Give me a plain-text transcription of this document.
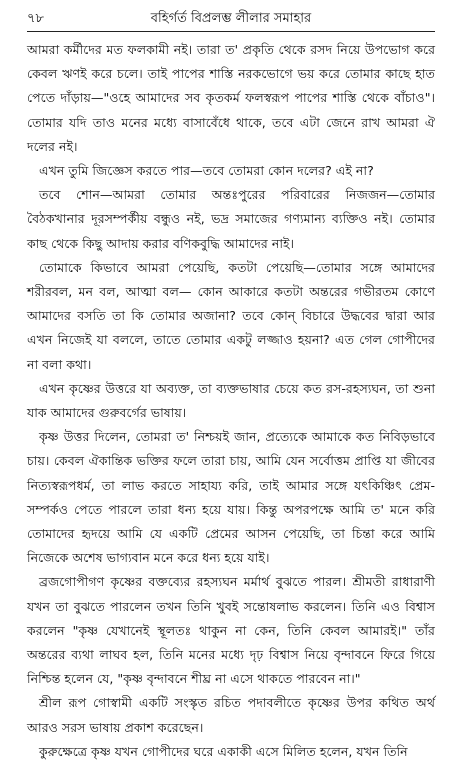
৭৮	বহির্গর্ত বিপ্রলম্ভ লীলার সমাহার

আমরা কর্মীদের মত ফলকামী নই। তারা ত' প্রকৃতি থেকে রসদ নিয়ে উপভোগ করে কেবল ঋণই করে চলে। তাই পাপের শাস্তি নরকভোগে ভয় করে তোমার কাছে হাত পেতে দাঁড়ায়—"ওহে আমাদের সব কৃতকর্ম ফলস্বরূপ পাপের শাস্তি থেকে বাঁচাও"। তোমার যদি তাও মনের মধ্যে বাসাবেঁধে থাকে, তবে এটা জেনে রাখ আমরা ঐ দলের নই।

এখন তুমি জিজ্ঞেস করতে পার—তবে তোমরা কোন দলের? এই না?

তবে শোন—আমরা তোমার অন্তঃপুরের পরিবারের নিজজন—তোমার বৈঠকখানার দূরসম্পর্কীয় বন্ধুও নই, ভদ্র সমাজের গণ্যমান্য ব্যক্তিও নই। তোমার কাছ থেকে কিছু আদায় করার বণিকবুদ্ধি আমাদের নাই।

তোমাকে কিভাবে আমরা পেয়েছি, কতটা পেয়েছি—তোমার সঙ্গে আমাদের শরীরবল, মন বল, আত্মা বল— কোন আকারে কতটা অন্তরের গভীরতম কোণে আমাদের বসতি তা কি তোমার অজানা? তবে কোন্ বিচারে উদ্ধবের দ্বারা আর এখন নিজেই যা বললে, তাতে তোমার একটু লজ্জাও হয়না? এত গেল গোপীদের না বলা কথা।

এখন কৃষ্ণের উত্তরে যা অব্যক্ত, তা ব্যক্তভাষার চেয়ে কত রস-রহস্যঘন, তা শুনা যাক আমাদের গুরুবর্গের ভাষায়।

কৃষ্ণ উত্তর দিলেন, তোমরা ত' নিশ্চয়ই জান, প্রত্যেকে আমাকে কত নিবিড়ভাবে চায়। কেবল ঐকান্তিক ভক্তির ফলে তারা চায়, আমি যেন সর্বোত্তম প্রাপ্তি যা জীবের নিত্যস্বরূপধর্ম, তা লাভ করতে সাহায্য করি, তাই আমার সঙ্গে যৎকিঞ্চিৎ প্রেম-সম্পর্কও পেতে পারলে তারা ধন্য হয়ে যায়। কিন্তু অপরপক্ষে আমি ত' মনে করি তোমাদের হৃদয়ে আমি যে একটি প্রেমের আসন পেয়েছি, তা চিন্তা করে আমি নিজেকে অশেষ ভাগ্যবান মনে করে ধন্য হয়ে যাই।

ব্রজগোপীগণ কৃষ্ণের বক্তব্যের রহস্যঘন মর্মার্থ বুঝতে পারল। শ্রীমতী রাধারাণী যখন তা বুঝতে পারলেন তখন তিনি খুবই সন্তোষলাভ করলেন। তিনি এও বিশ্বাস করলেন "কৃষ্ণ যেখানেই স্থূলতঃ থাকুন না কেন, তিনি কেবল আমারই।" তাঁর অন্তরের ব্যথা লাঘব হল, তিনি মনের মধ্যে দৃঢ় বিশ্বাস নিয়ে বৃন্দাবনে ফিরে গিয়ে নিশ্চিন্ত হলেন যে, "কৃষ্ণ বৃন্দাবনে শীঘ্র না এসে থাকতে পারবেন না।"

শ্রীল রূপ গোস্বামী একটি সংস্কৃত রচিত পদাবলীতে কৃষ্ণের উপর কথিত অর্থ আরও সরস ভাষায় প্রকাশ করেছেন।

কুরুক্ষেত্রে কৃষ্ণ যখন গোপীদের ঘরে একাকী এসে মিলিত হলেন, যখন তিনি
